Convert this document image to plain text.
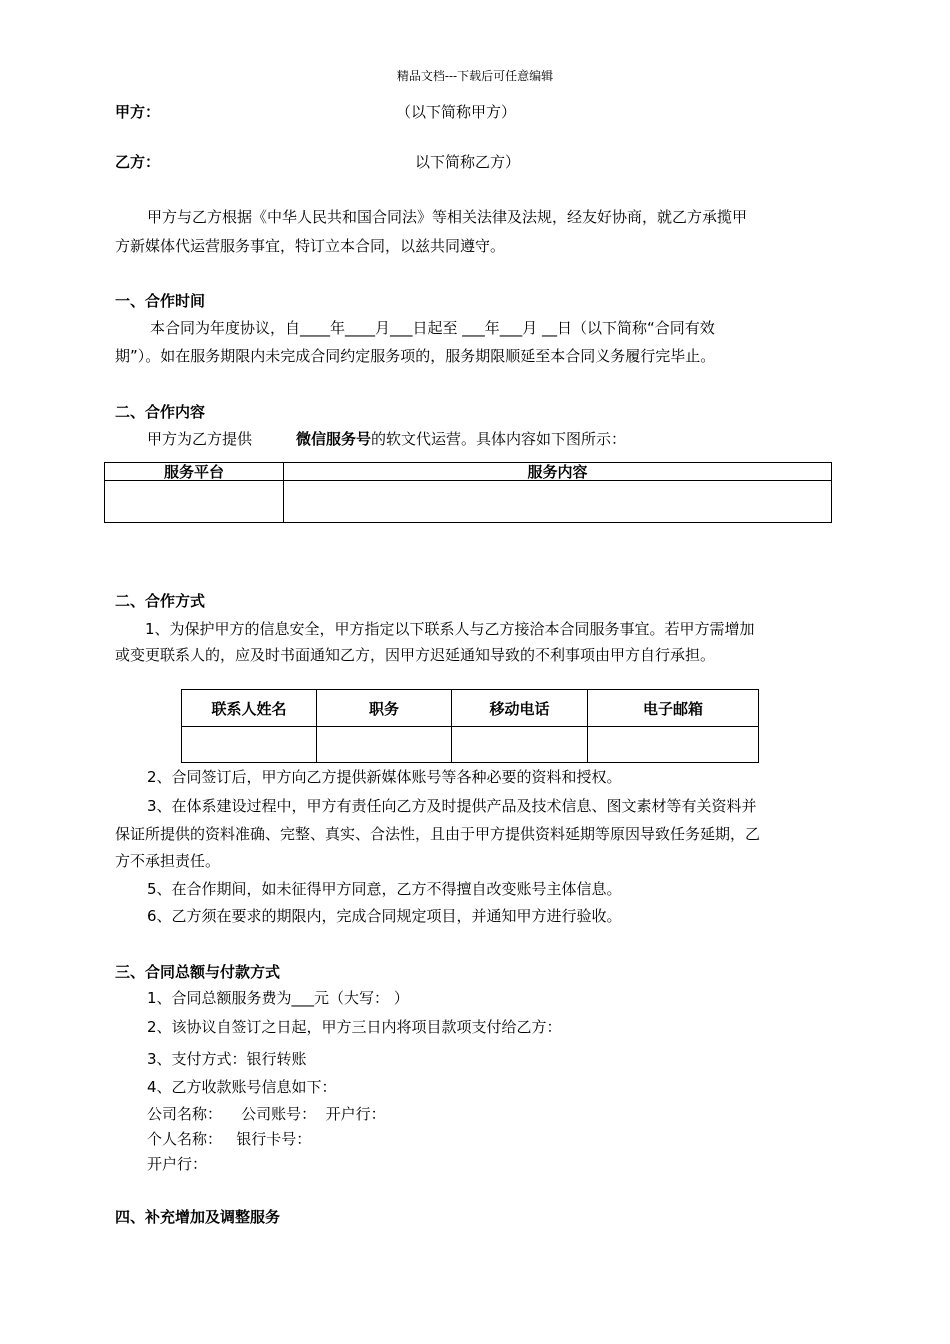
精品文档---下载后可任意编辑
甲方：	（以下简称甲方）
乙方：	以下简称乙方）
甲方与乙方根据《中华人民共和国合同法》等相关法律及法规，经友好协商，就乙方承揽甲
方新媒体代运营服务事宜，特订立本合同，以兹共同遵守。
一、合作时间
本合同为年度协议，自____年____月___日起至 ___年___月 __日（以下简称“合同有效
期”）。如在服务期限内未完成合同约定服务项的，服务期限顺延至本合同义务履行完毕止。
二、合作内容
甲方为乙方提供	微信服务号的软文代运营。具体内容如下图所示：
服务平台	服务内容

二、合作方式
1、为保护甲方的信息安全，甲方指定以下联系人与乙方接洽本合同服务事宜。若甲方需增加
或变更联系人的，应及时书面通知乙方，因甲方迟延通知导致的不利事项由甲方自行承担。
联系人姓名	职务	移动电话	电子邮箱

2、合同签订后，甲方向乙方提供新媒体账号等各种必要的资料和授权。
3、在体系建设过程中，甲方有责任向乙方及时提供产品及技术信息、图文素材等有关资料并
保证所提供的资料准确、完整、真实、合法性，且由于甲方提供资料延期等原因导致任务延期，乙
方不承担责任。
5、在合作期间，如未征得甲方同意，乙方不得擅自改变账号主体信息。
6、乙方须在要求的期限内，完成合同规定项目，并通知甲方进行验收。
三、合同总额与付款方式
1、合同总额服务费为___元（大写： ）
2、该协议自签订之日起，甲方三日内将项目款项支付给乙方：
3、支付方式：银行转账
4、乙方收款账号信息如下：
公司名称：    公司账号：  开户行：
个人名称：   银行卡号：
开户行：
四、补充增加及调整服务
